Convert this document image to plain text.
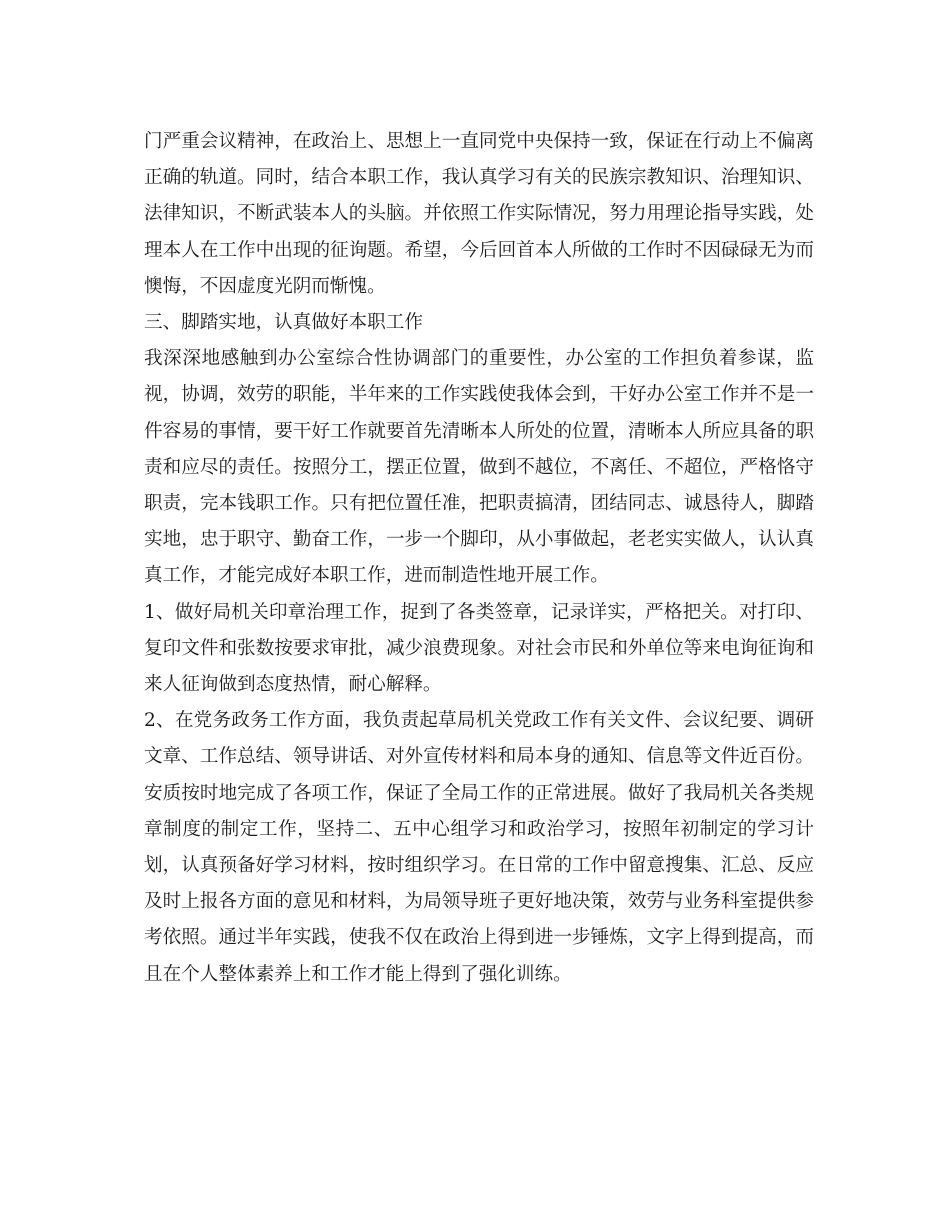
门严重会议精神，在政治上、思想上一直同党中央保持一致，保证在行动上不偏离正确的轨道。同时，结合本职工作，我认真学习有关的民族宗教知识、治理知识、法律知识，不断武装本人的头脑。并依照工作实际情况，努力用理论指导实践，处理本人在工作中出现的征询题。希望，今后回首本人所做的工作时不因碌碌无为而懊悔，不因虚度光阴而惭愧。

三、脚踏实地，认真做好本职工作

我深深地感触到办公室综合性协调部门的重要性，办公室的工作担负着参谋，监视，协调，效劳的职能，半年来的工作实践使我体会到，干好办公室工作并不是一件容易的事情，要干好工作就要首先清晰本人所处的位置，清晰本人所应具备的职责和应尽的责任。按照分工，摆正位置，做到不越位，不离任、不超位，严格恪守职责，完本钱职工作。只有把位置任准，把职责搞清，团结同志、诚恳待人，脚踏实地，忠于职守、勤奋工作，一步一个脚印，从小事做起，老老实实做人，认认真真工作，才能完成好本职工作，进而制造性地开展工作。

1、做好局机关印章治理工作，捉到了各类签章，记录详实，严格把关。对打印、复印文件和张数按要求审批，减少浪费现象。对社会市民和外单位等来电询征询和来人征询做到态度热情，耐心解释。

2、在党务政务工作方面，我负责起草局机关党政工作有关文件、会议纪要、调研文章、工作总结、领导讲话、对外宣传材料和局本身的通知、信息等文件近百份。安质按时地完成了各项工作，保证了全局工作的正常进展。做好了我局机关各类规章制度的制定工作，坚持二、五中心组学习和政治学习，按照年初制定的学习计划，认真预备好学习材料，按时组织学习。在日常的工作中留意搜集、汇总、反应及时上报各方面的意见和材料，为局领导班子更好地决策，效劳与业务科室提供参考依照。通过半年实践，使我不仅在政治上得到进一步锤炼，文字上得到提高，而且在个人整体素养上和工作才能上得到了强化训练。
